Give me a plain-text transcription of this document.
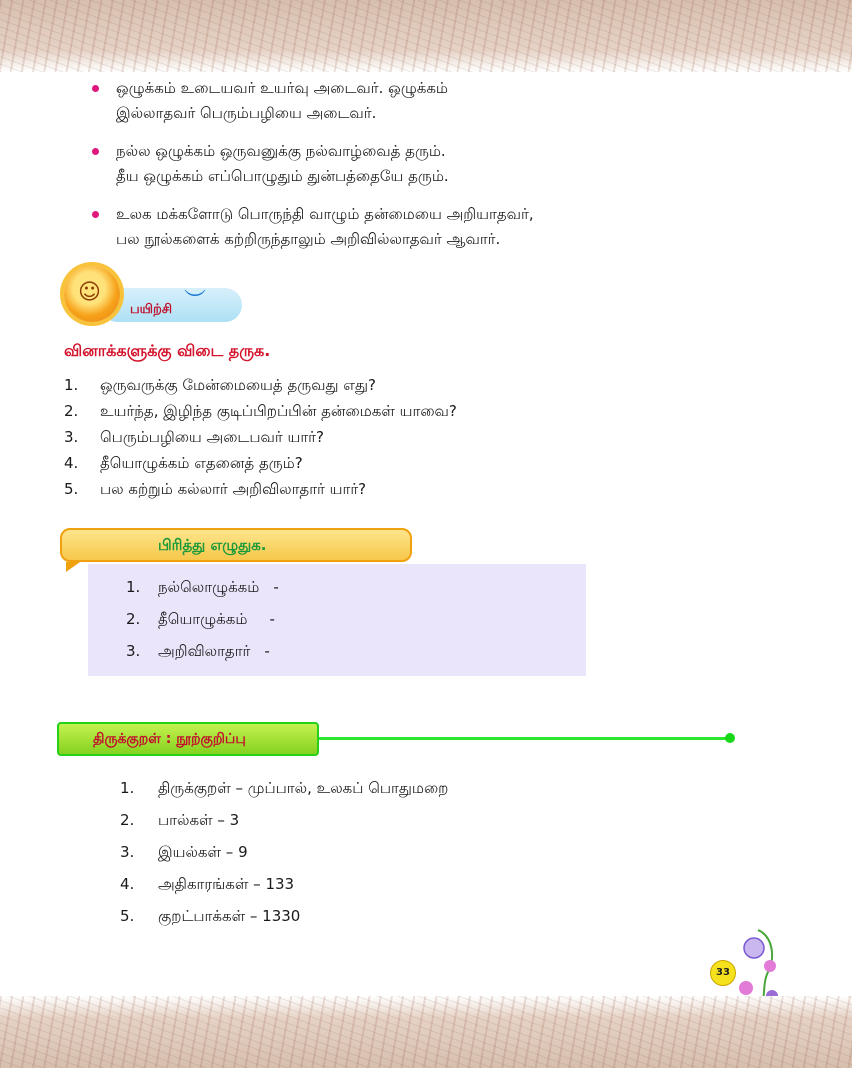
ஒழுக்கம் உடையவர் உயர்வு அடைவர். ஒழுக்கம்
இல்லாதவர் பெரும்பழியை அடைவர்.
நல்ல ஒழுக்கம் ஒருவனுக்கு நல்வாழ்வைத் தரும்.
தீய ஒழுக்கம் எப்பொழுதும் துன்பத்தையே தரும்.
உலக மக்களோடு பொருந்தி வாழும் தன்மையை அறியாதவர்,
பல நூல்களைக் கற்றிருந்தாலும் அறிவில்லாதவர் ஆவார்.
☺	︶
பயிற்சி
வினாக்களுக்கு விடை தருக.
1.	ஒருவருக்கு மேன்மையைத் தருவது எது?
2.	உயர்ந்த, இழிந்த குடிப்பிறப்பின் தன்மைகள் யாவை?
3.	பெரும்பழியை அடைபவர் யார்?
4.	தீயொழுக்கம் எதனைத் தரும்?
5.	பல கற்றும் கல்லார் அறிவிலாதார் யார்?
பிரித்து எழுதுக.
1.	நல்லொழுக்கம் -
2.	தீயொழுக்கம் -
3.	அறிவிலாதார் -
திருக்குறள் : நூற்குறிப்பு
1.	திருக்குறள் – முப்பால், உலகப் பொதுமறை
2.	பால்கள் – 3
3.	இயல்கள் – 9
4.	அதிகாரங்கள் – 133
5.	குறட்பாக்கள் – 1330
33
